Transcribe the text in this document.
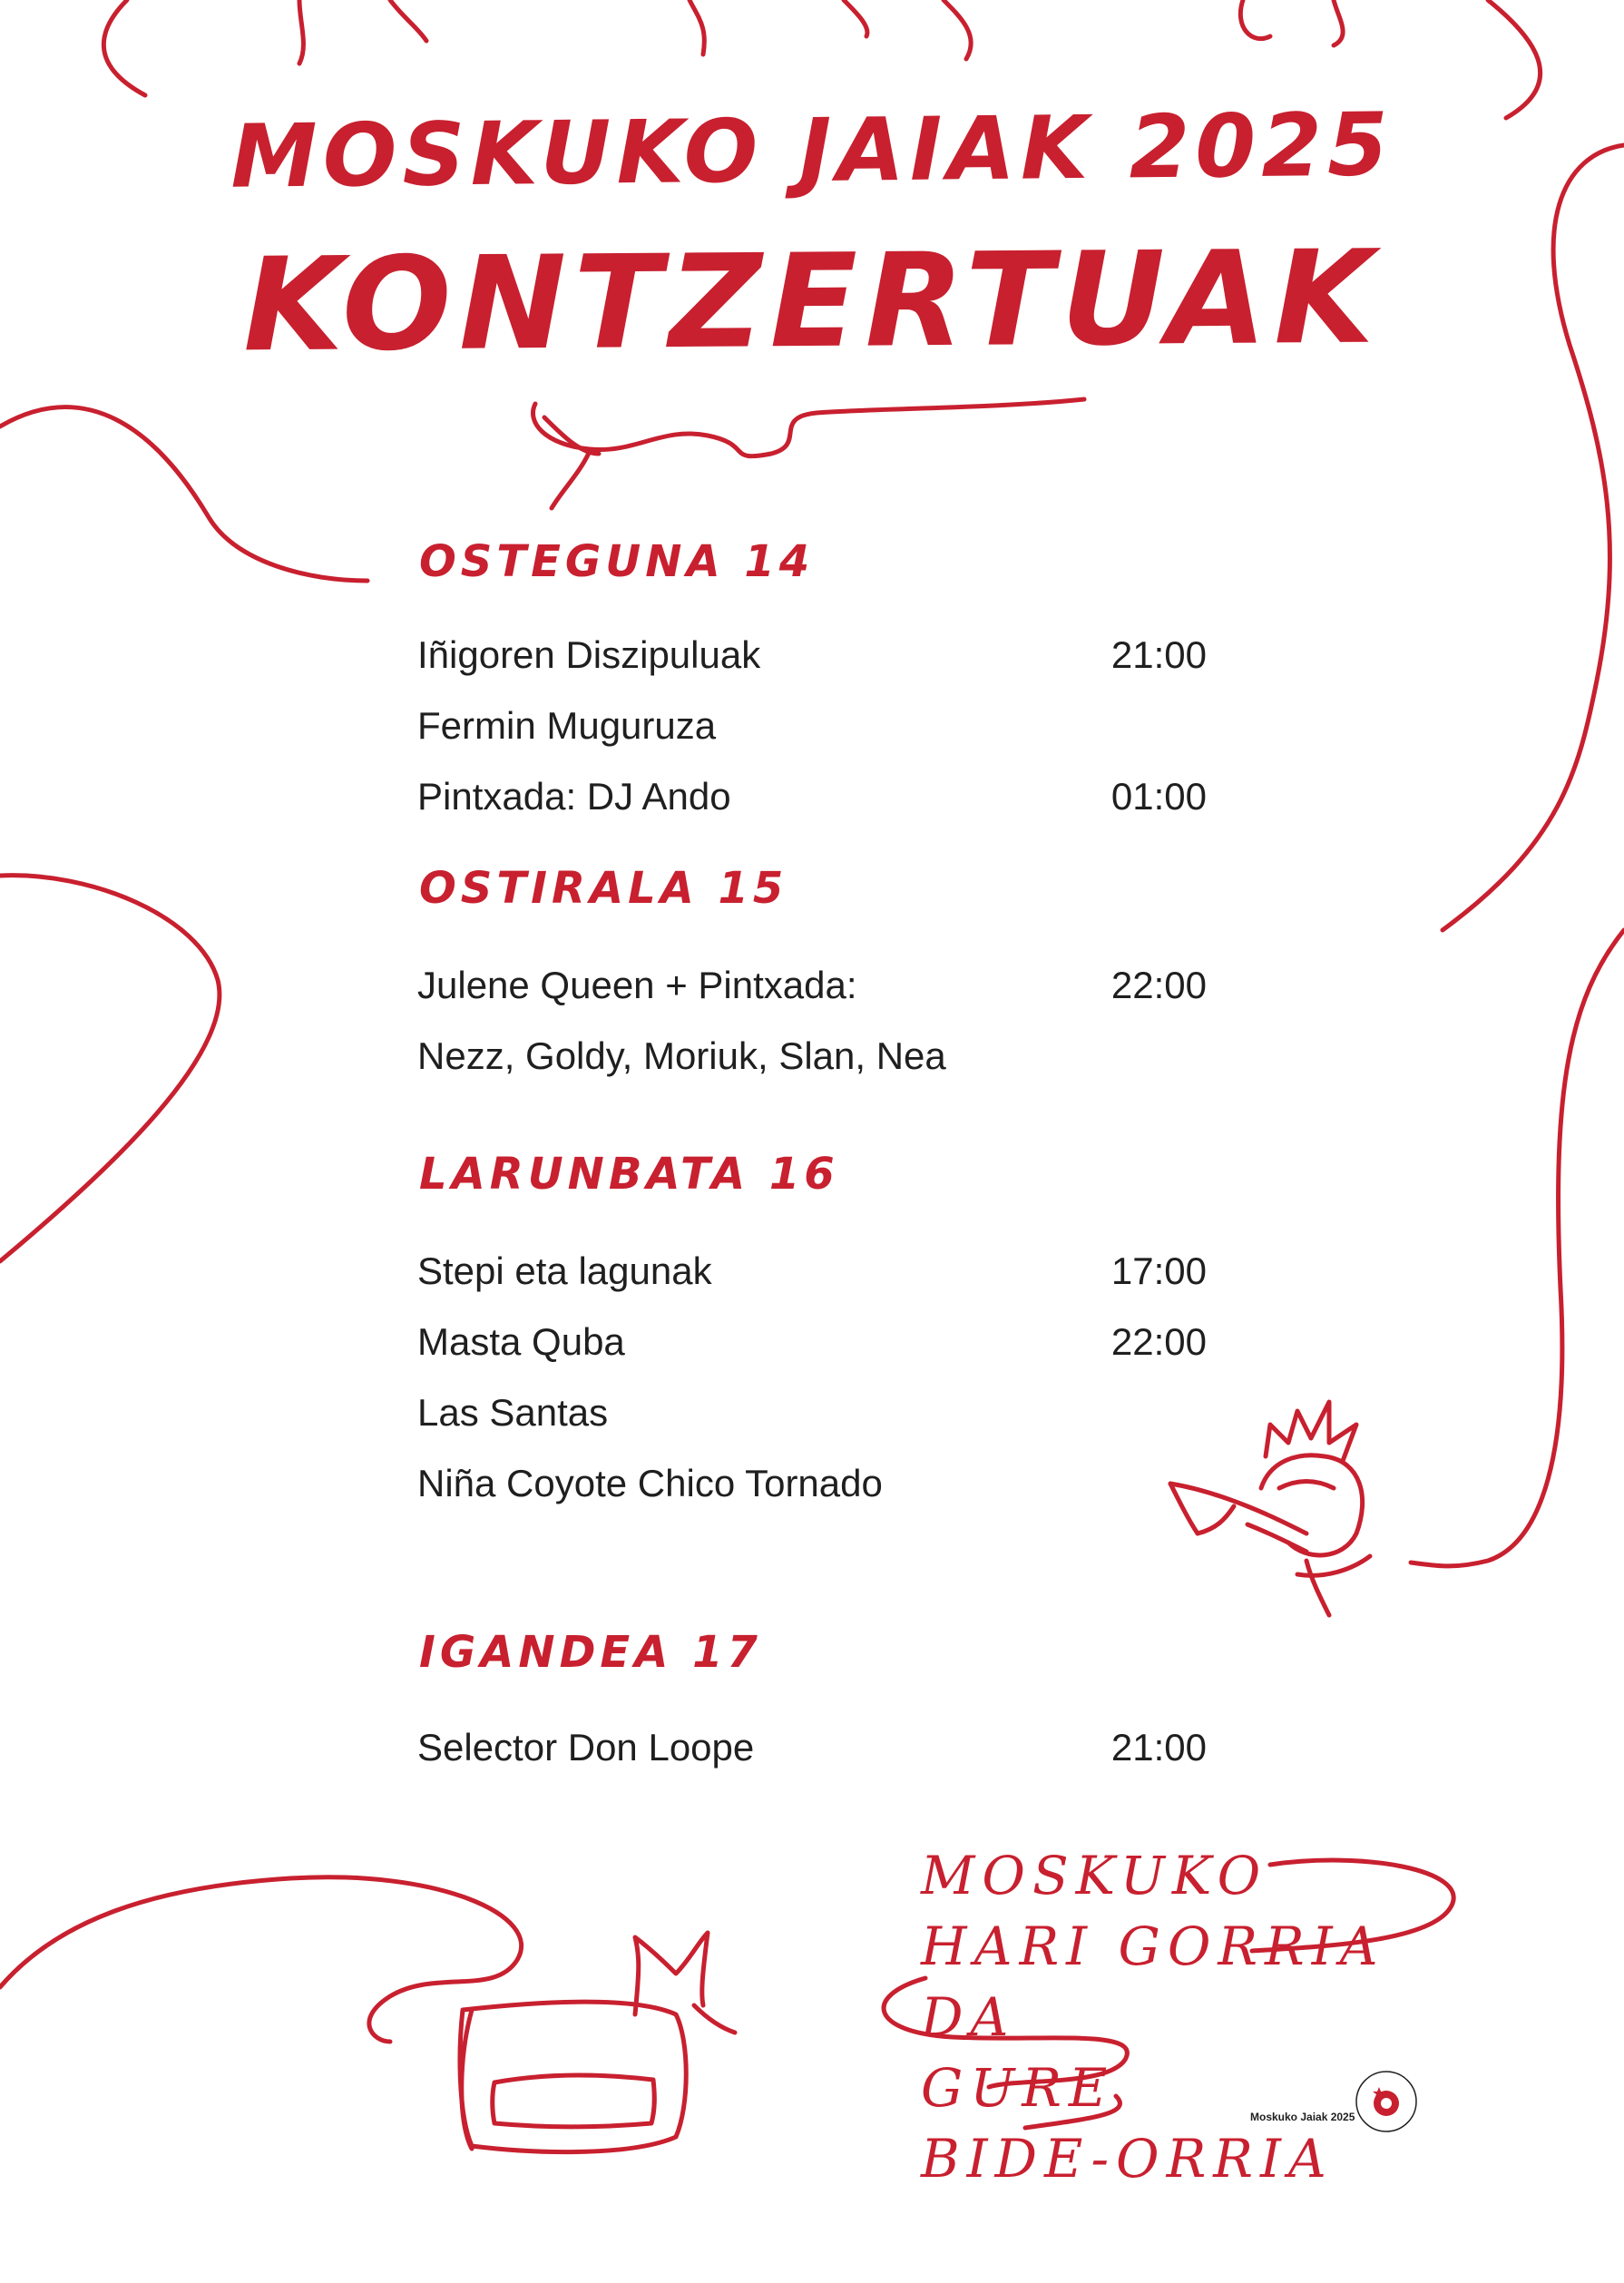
MOSKUKO JAIAK 2025
KONTZERTUAK
OSTEGUNA 14
Iñigoren Diszipuluak	21:00
Fermin Muguruza
Pintxada: DJ Ando	01:00
OSTIRALA 15
Julene Queen + Pintxada:	22:00
Nezz, Goldy, Moriuk, Slan, Nea
LARUNBATA 16
Stepi eta lagunak	17:00
Masta Quba	22:00
Las Santas
Niña Coyote Chico Tornado
IGANDEA 17
Selector Don Loope	21:00
MOSKUKO
HARI GORRIA
DA
GURE
BIDE-ORRIA
Moskuko Jaiak 2025
